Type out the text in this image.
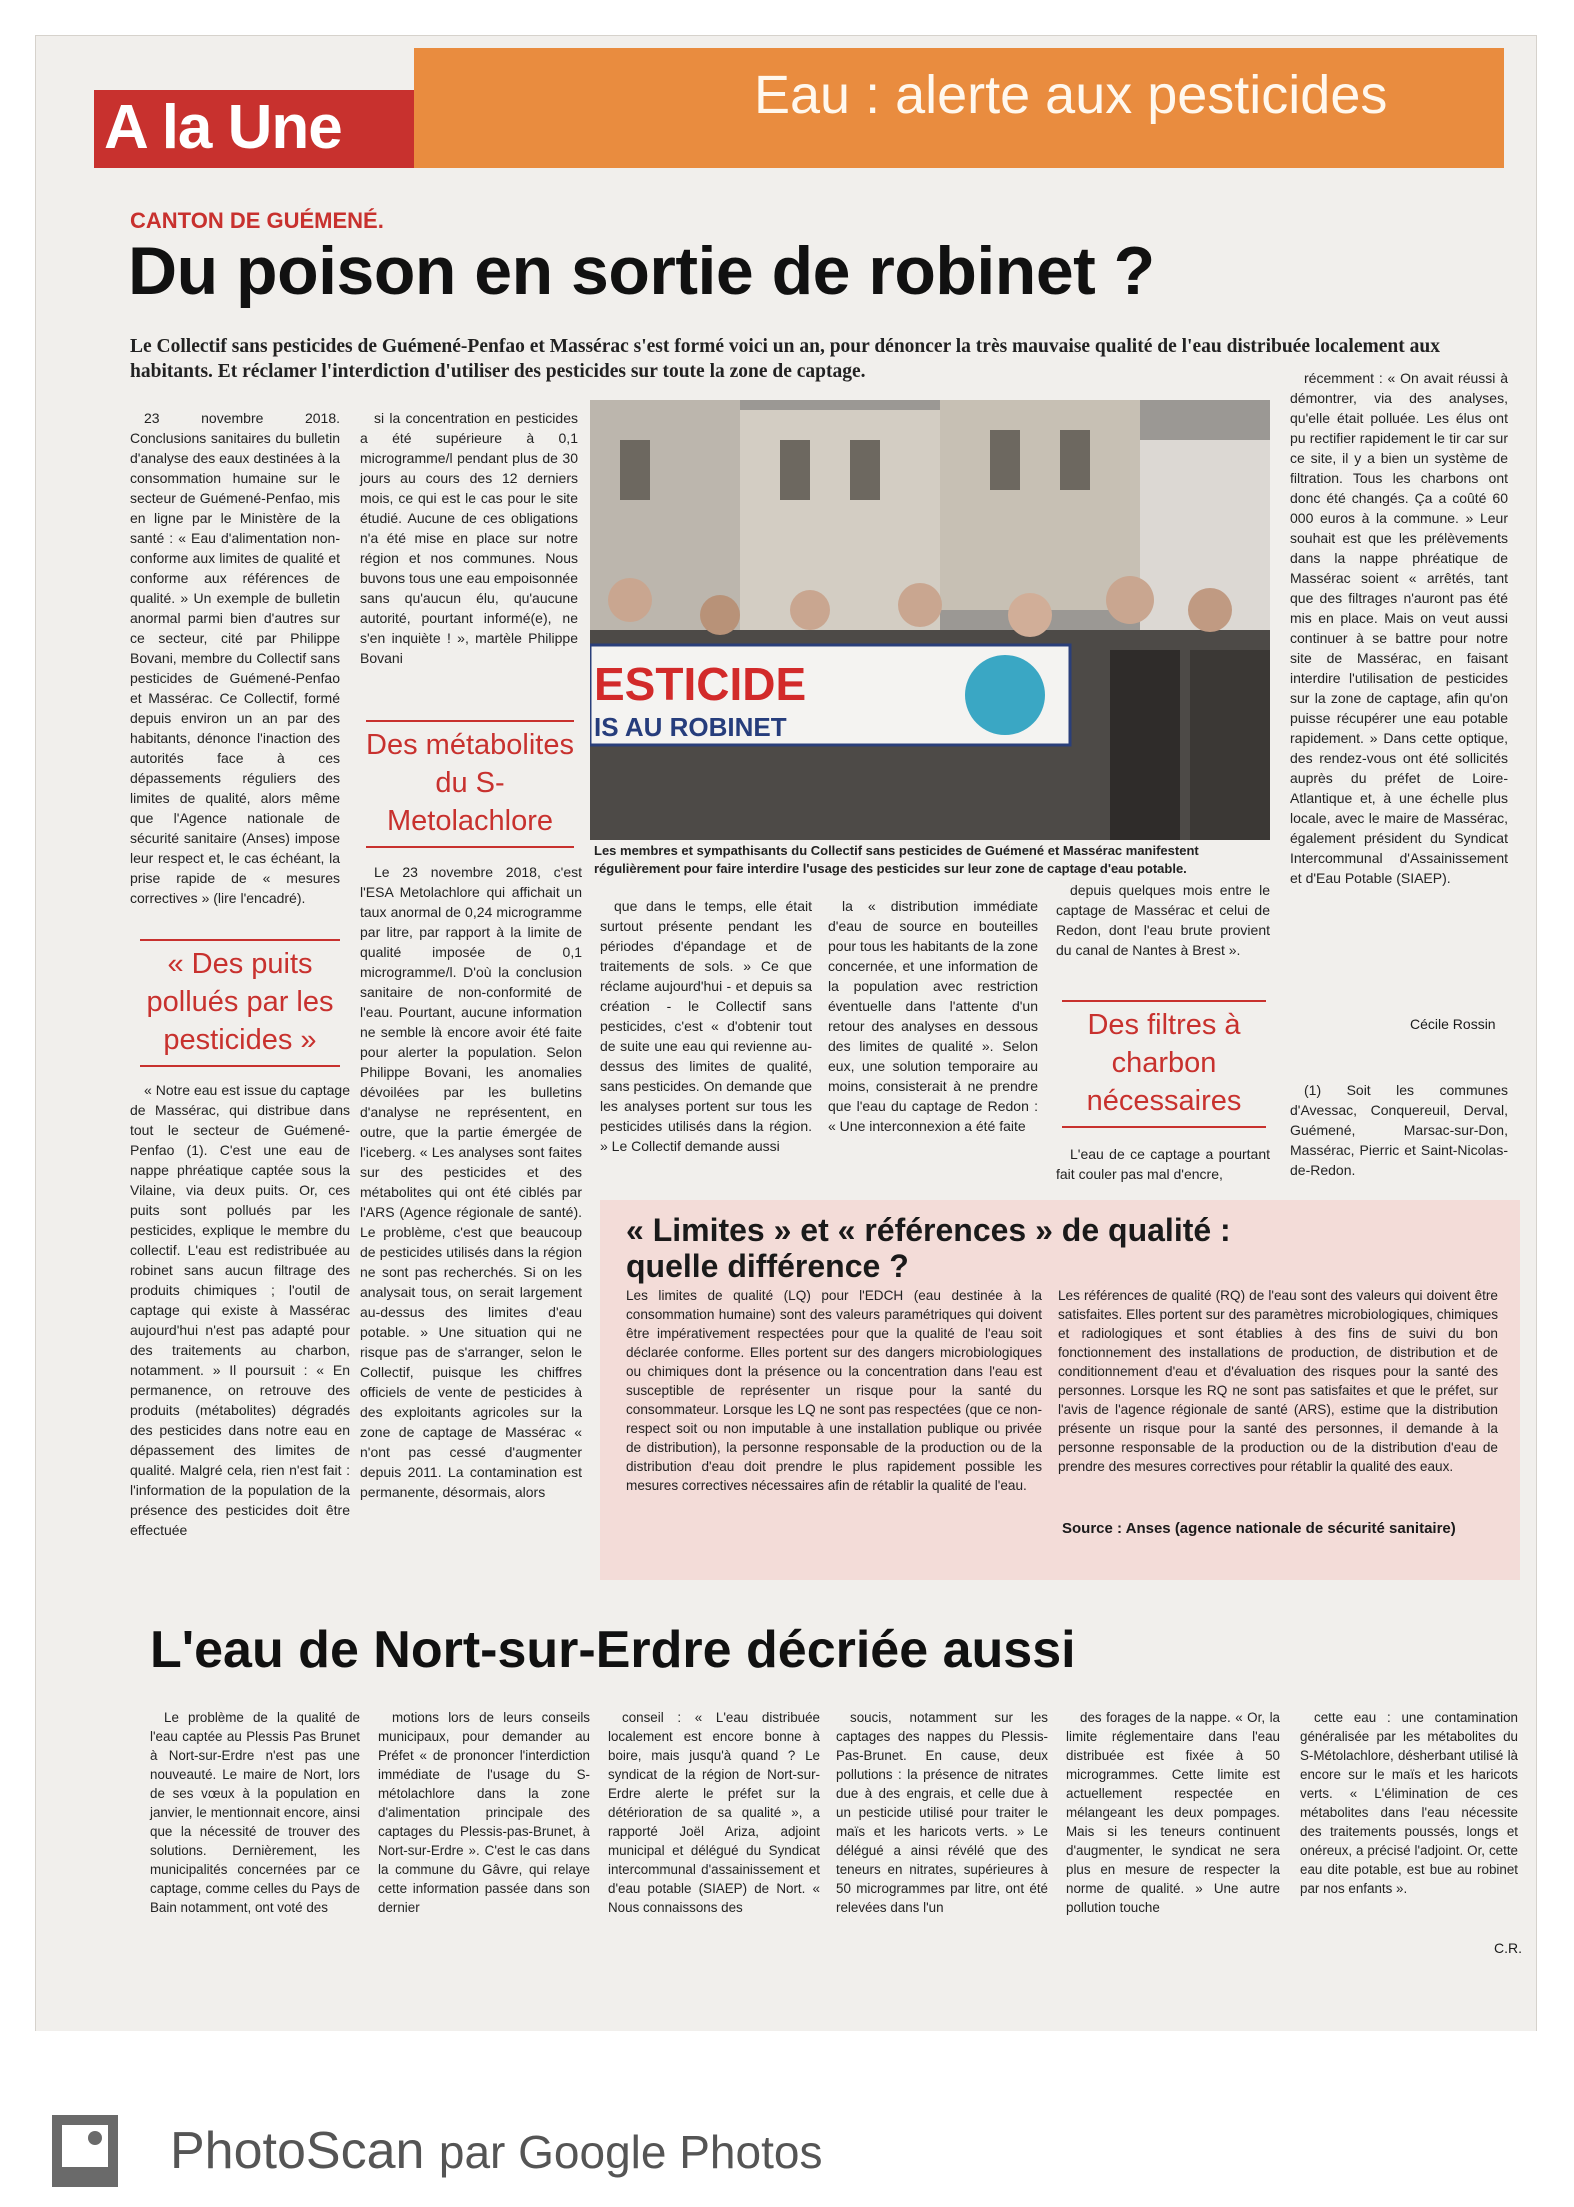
Eau : alerte aux pesticides
A la Une
CANTON DE GUÉMENÉ.
Du poison en sortie de robinet ?
Le Collectif sans pesticides de Guémené-Penfao et Massérac s'est formé voici un an, pour dénoncer la très mauvaise qualité de l'eau distribuée localement aux habitants. Et réclamer l'interdiction d'utiliser des pesticides sur toute la zone de captage.

23 novembre 2018. Conclusions sanitaires du bulletin d'analyse des eaux destinées à la consommation humaine sur le secteur de Guémené-Penfao, mis en ligne par le Ministère de la santé : « Eau d'alimentation non-conforme aux limites de qualité et conforme aux références de qualité. » Un exemple de bulletin anormal parmi bien d'autres sur ce secteur, cité par Philippe Bovani, membre du Collectif sans pesticides de Guémené-Penfao et Massérac. Ce Collectif, formé depuis environ un an par des habitants, dénonce l'inaction des autorités face à ces dépassements réguliers des limites de qualité, alors même que l'Agence nationale de sécurité sanitaire (Anses) impose leur respect et, le cas échéant, la prise rapide de « mesures correctives » (lire l'encadré).

« Des puits pollués par les pesticides »

« Notre eau est issue du captage de Massérac, qui distribue dans tout le secteur de Guémené-Penfao (1). C'est une eau de nappe phréatique captée sous la Vilaine, via deux puits. Or, ces puits sont pollués par les pesticides, explique le membre du collectif. L'eau est redistribuée au robinet sans aucun filtrage des produits chimiques ; l'outil de captage qui existe à Massérac aujourd'hui n'est pas adapté pour des traitements au charbon, notamment. » Il poursuit : « En permanence, on retrouve des produits (métabolites) dégradés des pesticides dans notre eau en dépassement des limites de qualité. Malgré cela, rien n'est fait : l'information de la population de la présence des pesticides doit être effectuée

si la concentration en pesticides a été supérieure à 0,1 microgramme/l pendant plus de 30 jours au cours des 12 derniers mois, ce qui est le cas pour le site étudié. Aucune de ces obligations n'a été mise en place sur notre région et nos communes. Nous buvons tous une eau empoisonnée sans qu'aucun élu, qu'aucune autorité, pourtant informé(e), ne s'en inquiète ! », martèle Philippe Bovani

Des métabolites du S-Metolachlore

Le 23 novembre 2018, c'est l'ESA Metolachlore qui affichait un taux anormal de 0,24 microgramme par litre, par rapport à la limite de qualité imposée de 0,1 microgramme/l. D'où la conclusion sanitaire de non-conformité de l'eau. Pourtant, aucune information ne semble là encore avoir été faite pour alerter la population. Selon Philippe Bovani, les anomalies dévoilées par les bulletins d'analyse ne représentent, en outre, que la partie émergée de l'iceberg. « Les analyses sont faites sur des pesticides et des métabolites qui ont été ciblés par l'ARS (Agence régionale de santé). Le problème, c'est que beaucoup de pesticides utilisés dans la région ne sont pas recherchés. Si on les analysait tous, on serait largement au-dessus des limites d'eau potable. » Une situation qui ne risque pas de s'arranger, selon le Collectif, puisque les chiffres officiels de vente de pesticides à des exploitants agricoles sur la zone de captage de Massérac « n'ont pas cessé d'augmenter depuis 2011. La contamination est permanente, désormais, alors

ESTICIDE
IS AU ROBINET
Les membres et sympathisants du Collectif sans pesticides de Guémené et Massérac manifestent régulièrement pour faire interdire l'usage des pesticides sur leur zone de captage d'eau potable.

que dans le temps, elle était surtout présente pendant les périodes d'épandage et de traitements de sols. » Ce que réclame aujourd'hui - et depuis sa création - le Collectif sans pesticides, c'est « d'obtenir tout de suite une eau qui revienne au-dessus des limites de qualité, sans pesticides. On demande que les analyses portent sur tous les pesticides utilisés dans la région. » Le Collectif demande aussi

la « distribution immédiate d'eau de source en bouteilles pour tous les habitants de la zone concernée, et une information de la population avec restriction éventuelle dans l'attente d'un retour des analyses en dessous des limites de qualité ». Selon eux, une solution temporaire au moins, consisterait à ne prendre que l'eau du captage de Redon : « Une interconnexion a été faite

depuis quelques mois entre le captage de Massérac et celui de Redon, dont l'eau brute provient du canal de Nantes à Brest ».

Des filtres à charbon nécessaires

L'eau de ce captage a pourtant fait couler pas mal d'encre,

récemment : « On avait réussi à démontrer, via des analyses, qu'elle était polluée. Les élus ont pu rectifier rapidement le tir car sur ce site, il y a bien un système de filtration. Tous les charbons ont donc été changés. Ça a coûté 60 000 euros à la commune. » Leur souhait est que les prélèvements dans la nappe phréatique de Massérac soient « arrêtés, tant que des filtrages n'auront pas été mis en place. Mais on veut aussi continuer à se battre pour notre site de Massérac, en faisant interdire l'utilisation de pesticides sur la zone de captage, afin qu'on puisse récupérer une eau potable rapidement. » Dans cette optique, des rendez-vous ont été sollicités auprès du préfet de Loire-Atlantique et, à une échelle plus locale, avec le maire de Massérac, également président du Syndicat Intercommunal d'Assainissement et d'Eau Potable (SIAEP).

Cécile Rossin

(1) Soit les communes d'Avessac, Conquereuil, Derval, Guémené, Marsac-sur-Don, Massérac, Pierric et Saint-Nicolas-de-Redon.

« Limites » et « références » de qualité : quelle différence ?
Les limites de qualité (LQ) pour l'EDCH (eau destinée à la consommation humaine) sont des valeurs paramétriques qui doivent être impérativement respectées pour que la qualité de l'eau soit déclarée conforme. Elles portent sur des dangers microbiologiques ou chimiques dont la présence ou la concentration dans l'eau est susceptible de représenter un risque pour la santé du consommateur. Lorsque les LQ ne sont pas respectées (que ce non-respect soit ou non imputable à une installation publique ou privée de distribution), la personne responsable de la production ou de la distribution d'eau doit prendre le plus rapidement possible les mesures correctives nécessaires afin de rétablir la qualité de l'eau.
Les références de qualité (RQ) de l'eau sont des valeurs qui doivent être satisfaites. Elles portent sur des paramètres microbiologiques, chimiques et radiologiques et sont établies à des fins de suivi du bon fonctionnement des installations de production, de distribution et de conditionnement d'eau et d'évaluation des risques pour la santé des personnes. Lorsque les RQ ne sont pas satisfaites et que le préfet, sur l'avis de l'agence régionale de santé (ARS), estime que la distribution présente un risque pour la santé des personnes, il demande à la personne responsable de la production ou de la distribution d'eau de prendre des mesures correctives pour rétablir la qualité des eaux.
Source : Anses (agence nationale de sécurité sanitaire)
L'eau de Nort-sur-Erdre décriée aussi

Le problème de la qualité de l'eau captée au Plessis Pas Brunet à Nort-sur-Erdre n'est pas une nouveauté. Le maire de Nort, lors de ses vœux à la population en janvier, le mentionnait encore, ainsi que la nécessité de trouver des solutions. Dernièrement, les municipalités concernées par ce captage, comme celles du Pays de Bain notamment, ont voté des

motions lors de leurs conseils municipaux, pour demander au Préfet « de prononcer l'interdiction immédiate de l'usage du S-métolachlore dans la zone d'alimentation principale des captages du Plessis-pas-Brunet, à Nort-sur-Erdre ». C'est le cas dans la commune du Gâvre, qui relaye cette information passée dans son dernier

conseil : « L'eau distribuée localement est encore bonne à boire, mais jusqu'à quand ? Le syndicat de la région de Nort-sur-Erdre alerte le préfet sur la détérioration de sa qualité », a rapporté Joël Ariza, adjoint municipal et délégué du Syndicat intercommunal d'assainissement et d'eau potable (SIAEP) de Nort. « Nous connaissons des

soucis, notamment sur les captages des nappes du Plessis-Pas-Brunet. En cause, deux pollutions : la présence de nitrates due à des engrais, et celle due à un pesticide utilisé pour traiter le maïs et les haricots verts. » Le délégué a ainsi révélé que des teneurs en nitrates, supérieures à 50 microgrammes par litre, ont été relevées dans l'un

des forages de la nappe. « Or, la limite réglementaire dans l'eau distribuée est fixée à 50 microgrammes. Cette limite est actuellement respectée en mélangeant les deux pompages. Mais si les teneurs continuent d'augmenter, le syndicat ne sera plus en mesure de respecter la norme de qualité. » Une autre pollution touche

cette eau : une contamination généralisée par les métabolites du S-Métolachlore, désherbant utilisé là encore sur le maïs et les haricots verts. « L'élimination de ces métabolites dans l'eau nécessite des traitements poussés, longs et onéreux, a précisé l'adjoint. Or, cette eau dite potable, est bue au robinet par nos enfants ».

C.R.
PhotoScan par Google Photos
